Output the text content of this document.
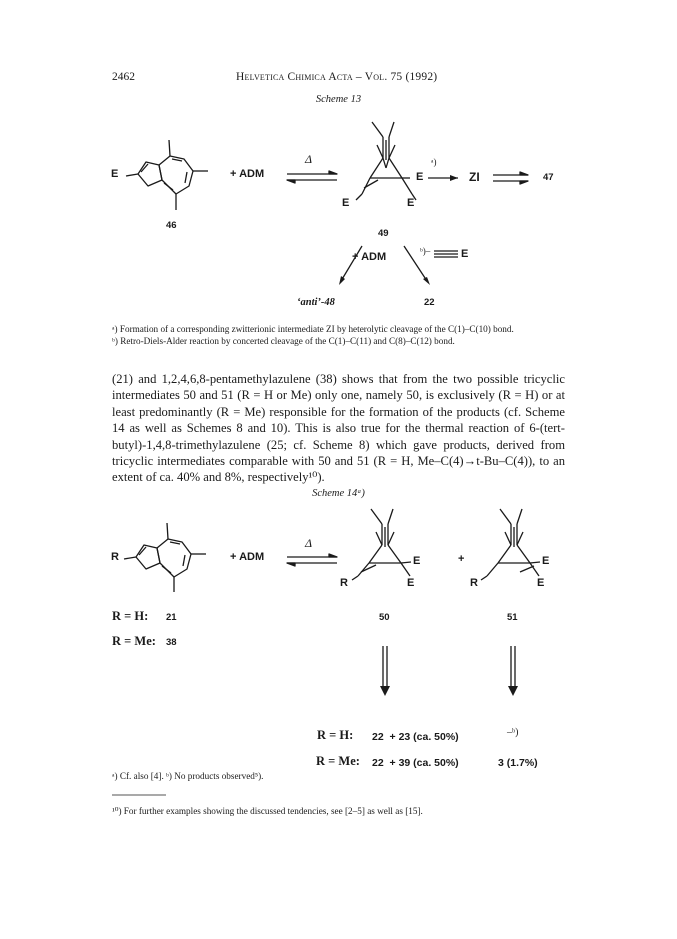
2462	Helvetica Chimica Acta – Vol. 75 (1992)
Scheme 13
E
46
+ ADM
Δ
E
E	E
49
ᵃ)
ZI	47
+ ADM	ᵇ)–	E
‘anti’-48	22
ᵃ) Formation of a corresponding zwitterionic intermediate ZI by heterolytic cleavage of the C(1)–C(10) bond.
ᵇ) Retro-Diels-Alder reaction by concerted cleavage of the C(1)–C(11) and C(8)–C(12) bond.
(21) and 1,2,4,6,8-pentamethylazulene (38) shows that from the two possible tricyclic intermediates 50 and 51 (R = H or Me) only one, namely 50, is exclusively (R = H) or at least predominantly (R = Me) responsible for the formation of the products (cf. Scheme 14 as well as Schemes 8 and 10). This is also true for the thermal reaction of 6-(tert-butyl)-1,4,8-trimethylazulene (25; cf. Scheme 8) which gave products, derived from tricyclic intermediates comparable with 50 and 51 (R = H, Me–C(4)→t-Bu–C(4)), to an extent of ca. 40% and 8%, respectively¹⁰).
Scheme 14ᵃ)
R	+ ADM
Δ
E
R	E
+	E
R	E
R = H: 21
R = Me: 38
50	51
R = H: 22  + 23 (ca. 50%)	–ᵇ)
R = Me: 22  + 39 (ca. 50%)	3 (1.7%)
ᵃ) Cf. also [4]. ᵇ) No products observed⁵).
¹⁰) For further examples showing the discussed tendencies, see [2–5] as well as [15].
